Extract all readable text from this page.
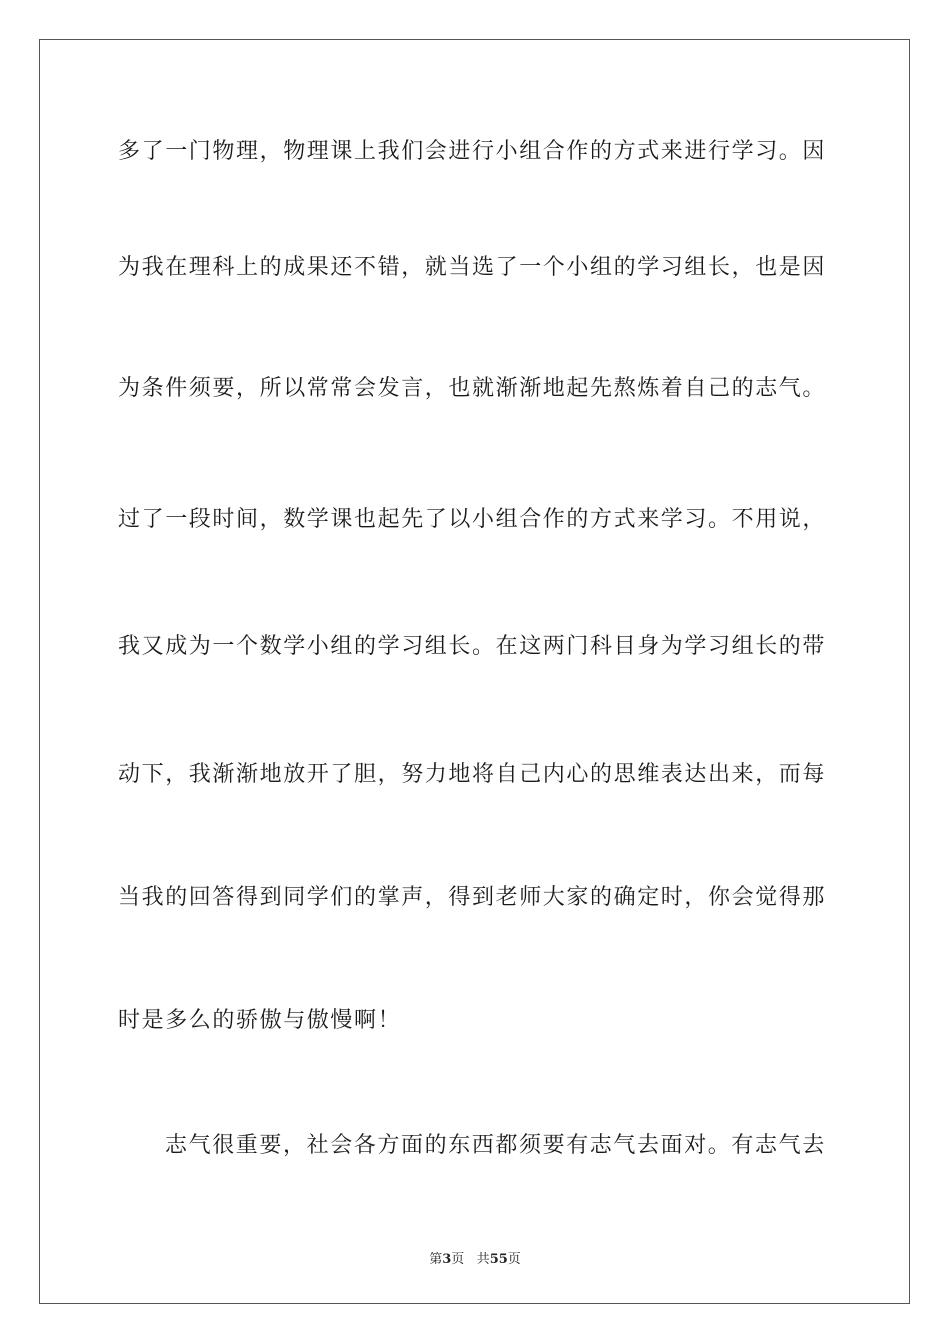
多了一门物理，物理课上我们会进行小组合作的方式来进行学习。因
为我在理科上的成果还不错，就当选了一个小组的学习组长，也是因
为条件须要，所以常常会发言，也就渐渐地起先熬炼着自己的志气。
过了一段时间，数学课也起先了以小组合作的方式来学习。不用说，
我又成为一个数学小组的学习组长。在这两门科目身为学习组长的带
动下，我渐渐地放开了胆，努力地将自己内心的思维表达出来，而每
当我的回答得到同学们的掌声，得到老师大家的确定时，你会觉得那
时是多么的骄傲与傲慢啊！
志气很重要，社会各方面的东西都须要有志气去面对。有志气去
第3页 共55页
